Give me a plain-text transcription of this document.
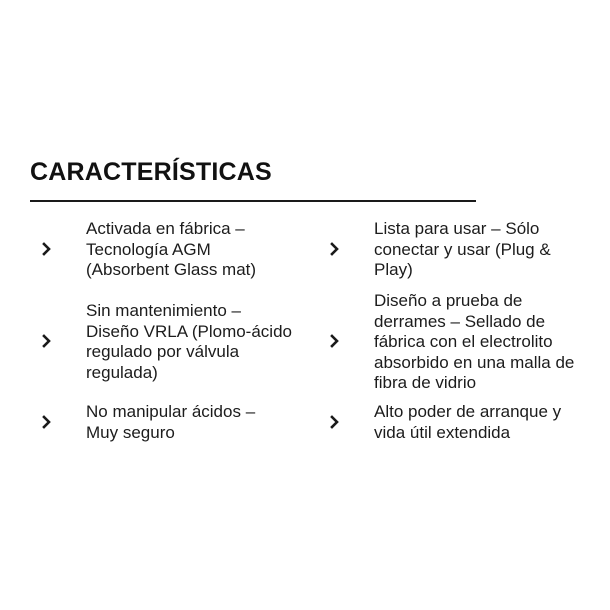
CARACTERÍSTICAS
Activada en fábrica –
Tecnología AGM
(Absorbent Glass mat)
Lista para usar – Sólo
conectar y usar (Plug &
Play)
Sin mantenimiento –
Diseño VRLA (Plomo-ácido
regulado por válvula
regulada)
Diseño a prueba de
derrames – Sellado de
fábrica con el electrolito
absorbido en una malla de
fibra de vidrio
No manipular ácidos –
Muy seguro
Alto poder de arranque y
vida útil extendida
